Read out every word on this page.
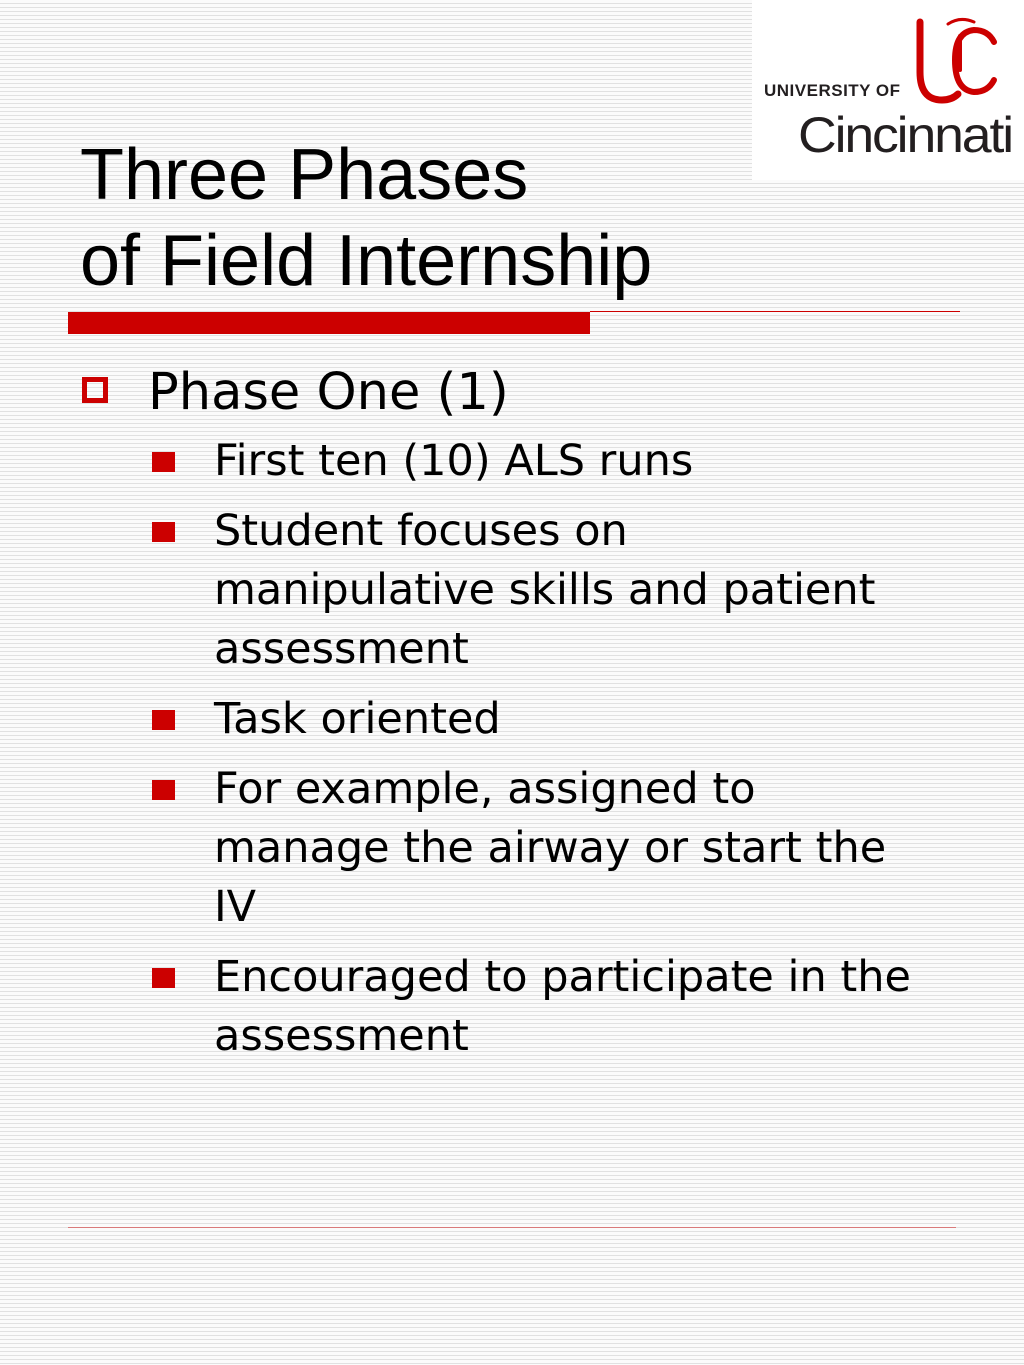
UNIVERSITY OF
Cincinnati
Three Phases
of Field Internship
Phase One (1)
First ten (10) ALS runs
Student focuses on manipulative skills and patient assessment
Task oriented
For example, assigned to manage the airway or start the IV
Encouraged to participate in the assessment
